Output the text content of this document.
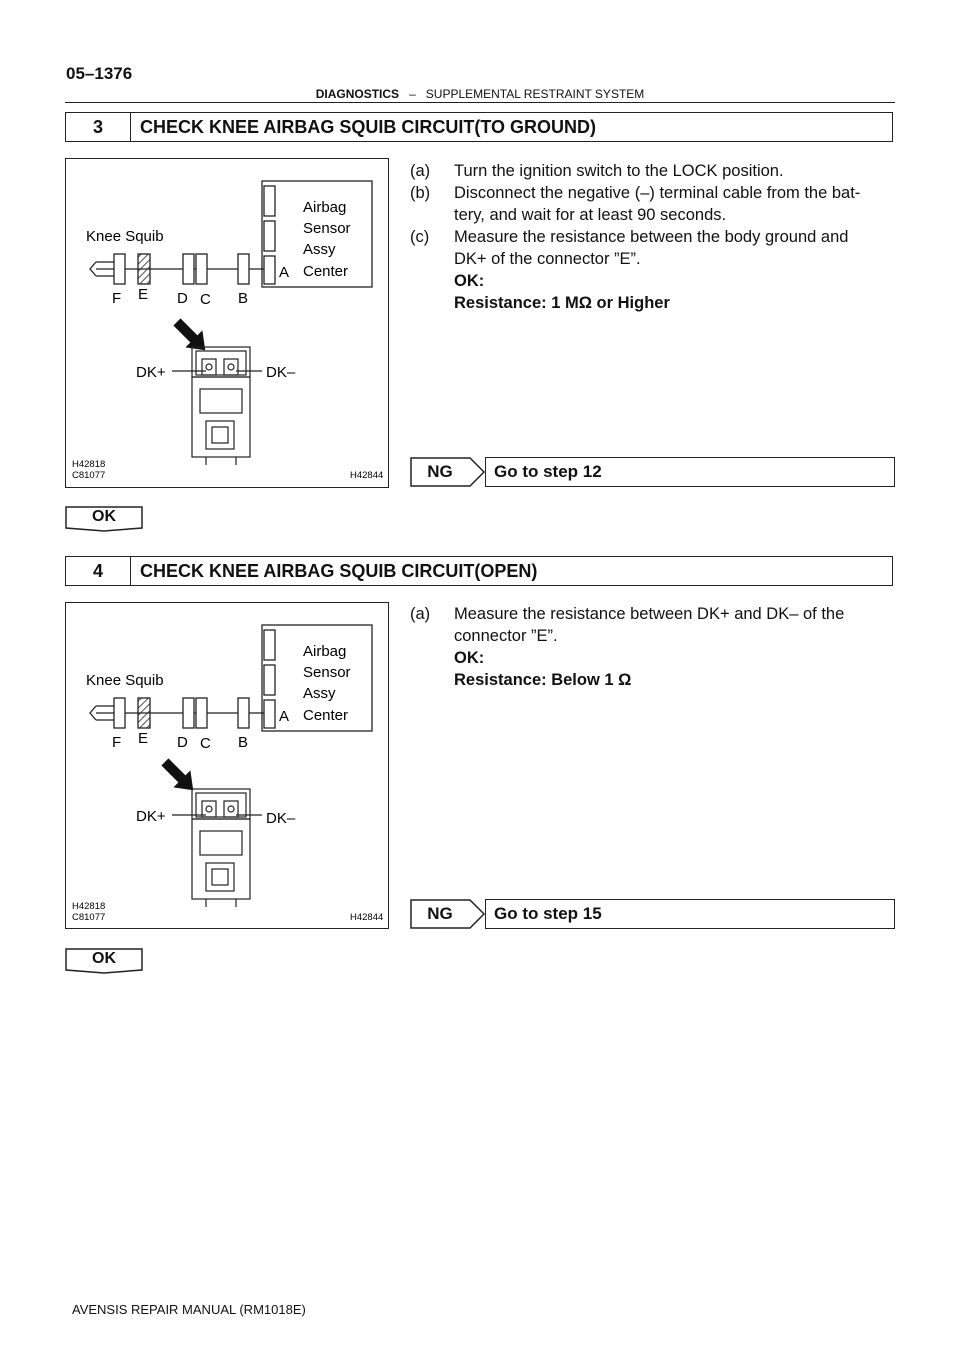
05–1376
DIAGNOSTICS – SUPPLEMENTAL RESTRAINT SYSTEM
3	CHECK KNEE AIRBAG SQUIB CIRCUIT(TO GROUND)
Airbag
Sensor
Assy
Center
A
Knee Squib
F E D C B
DK+	DK–
H42818
C81077	H42844
(a)	Turn the ignition switch to the LOCK position.
(b)	Disconnect the negative (–) terminal cable from the bat-
tery, and wait for at least 90 seconds.
(c)	Measure the resistance between the body ground and
DK+ of the connector ”E”.
OK:
Resistance: 1 MΩ or Higher
NG	Go to step 12
OK
4	CHECK KNEE AIRBAG SQUIB CIRCUIT(OPEN)
Airbag
Sensor
Assy
Center
A
Knee Squib
F E D C B
DK+	DK–
H42818
C81077	H42844
(a)	Measure the resistance between DK+ and DK– of the
connector ”E”.
OK:
Resistance: Below 1 Ω
NG	Go to step 15
OK
AVENSIS REPAIR MANUAL (RM1018E)
